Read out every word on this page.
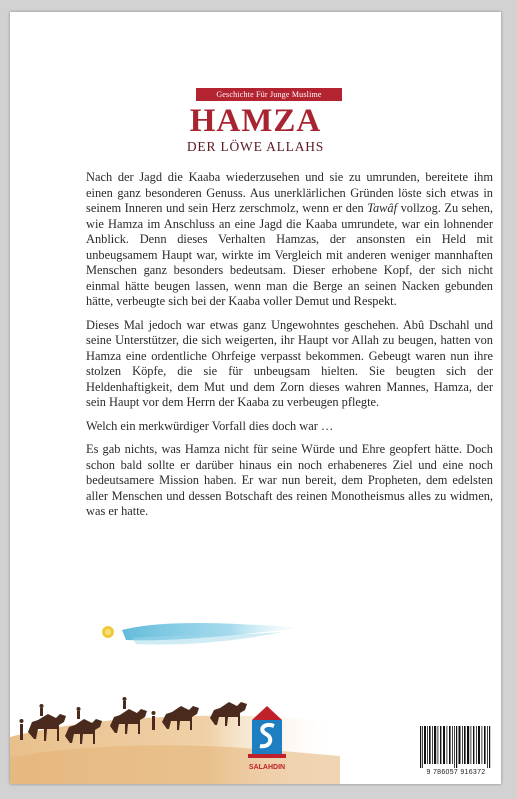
Geschichte Für Junge Muslime
HAMZA
DER LÖWE ALLAHS

Nach der Jagd die Kaaba wiederzusehen und sie zu umrunden, bereitete ihm einen ganz besonderen Genuss. Aus unerklärlichen Gründen löste sich etwas in seinem Inneren und sein Herz zerschmolz, wenn er den Tawâf vollzog. Zu sehen, wie Hamza im Anschluss an eine Jagd die Kaaba umrundete, war ein lohnender Anblick. Denn dieses Verhalten Hamzas, der ansonsten ein Held mit unbeugsamem Haupt war, wirkte im Vergleich mit anderen weniger mannhaften Menschen ganz besonders bedeutsam. Dieser erhobene Kopf, der sich nicht einmal hätte beugen lassen, wenn man die Berge an seinen Nacken gebunden hätte, verbeugte sich bei der Kaaba voller Demut und Respekt.

Dieses Mal jedoch war etwas ganz Ungewohntes geschehen. Abû Dschahl und seine Unterstützer, die sich weigerten, ihr Haupt vor Allah zu beugen, hatten von Hamza eine ordentliche Ohrfeige verpasst bekommen. Gebeugt waren nun ihre stolzen Köpfe, die sie für unbeugsam hielten. Sie beugten sich der Heldenhaftigkeit, dem Mut und dem Zorn dieses wahren Mannes, Hamza, der sein Haupt vor dem Herrn der Kaaba zu verbeugen pflegte.

Welch ein merkwürdiger Vorfall dies doch war …

Es gab nichts, was Hamza nicht für seine Würde und Ehre geopfert hätte. Doch schon bald sollte er darüber hinaus ein noch erhabeneres Ziel und eine noch bedeutsamere Mission haben. Er war nun bereit, dem Propheten, dem edelsten aller Menschen und dessen Botschaft des reinen Monotheismus alles zu widmen, was er hatte.

SALAHDIN
9 786057 916372
